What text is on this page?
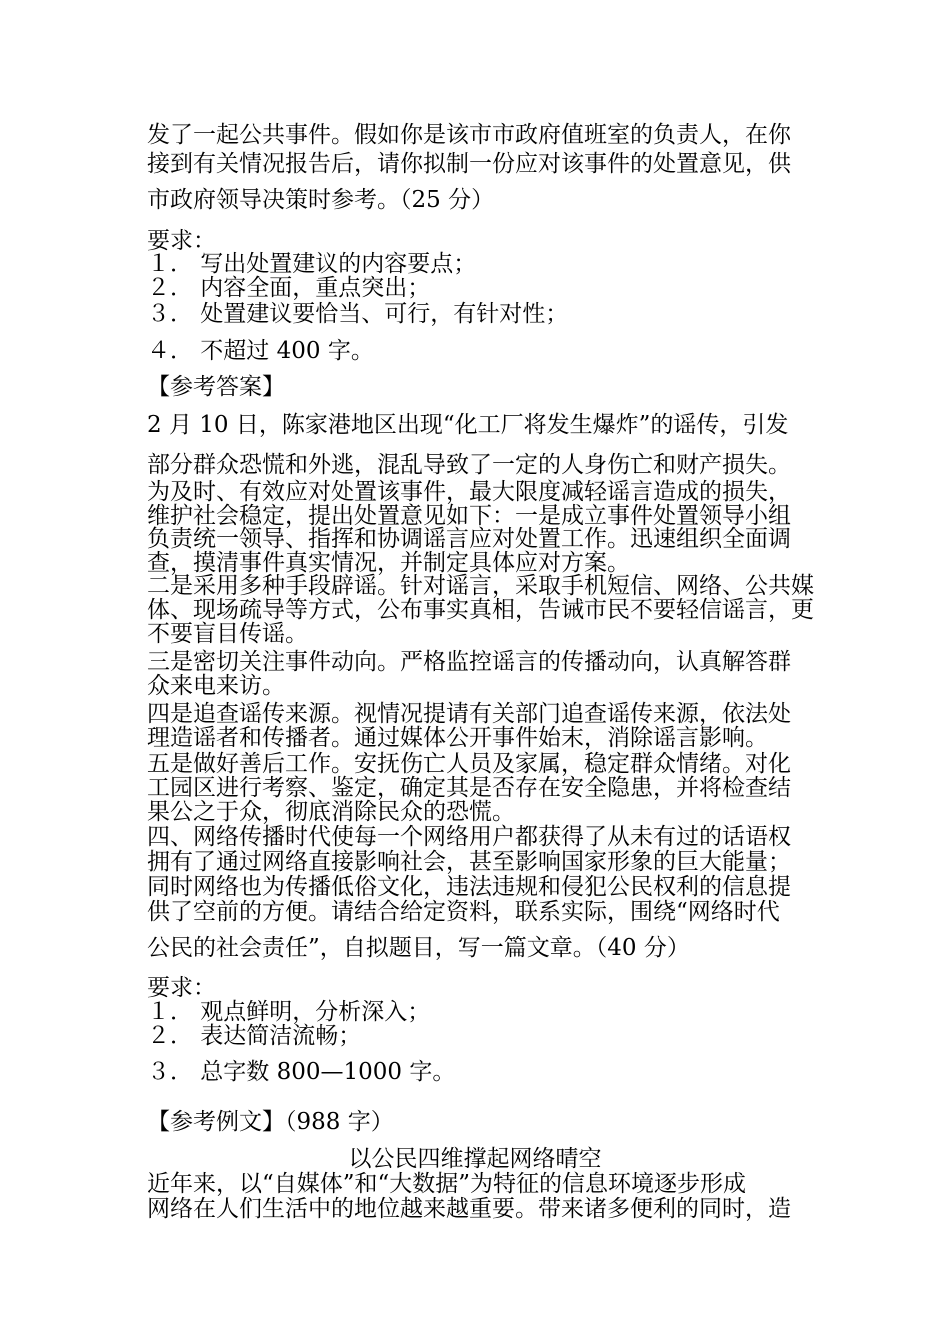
发了一起公共事件。假如你是该市市政府值班室的负责人，在你
接到有关情况报告后，请你拟制一份应对该事件的处置意见，供
市政府领导决策时参考。（25 分）
要求：
１． 写出处置建议的内容要点；
２． 内容全面，重点突出；
３． 处置建议要恰当、可行，有针对性；
４． 不超过 400 字。
【参考答案】
2 月 10 日，陈家港地区出现“化工厂将发生爆炸”的谣传，引发
部分群众恐慌和外逃，混乱导致了一定的人身伤亡和财产损失。
为及时、有效应对处置该事件，最大限度减轻谣言造成的损失，
维护社会稳定，提出处置意见如下：一是成立事件处置领导小组
负责统一领导、指挥和协调谣言应对处置工作。迅速组织全面调
查，摸清事件真实情况，并制定具体应对方案。
二是采用多种手段辟谣。针对谣言，采取手机短信、网络、公共媒
体、现场疏导等方式，公布事实真相，告诫市民不要轻信谣言，更
不要盲目传谣。
三是密切关注事件动向。严格监控谣言的传播动向，认真解答群
众来电来访。
四是追查谣传来源。视情况提请有关部门追查谣传来源，依法处
理造谣者和传播者。通过媒体公开事件始末，消除谣言影响。
五是做好善后工作。安抚伤亡人员及家属，稳定群众情绪。对化
工园区进行考察、鉴定，确定其是否存在安全隐患，并将检查结
果公之于众，彻底消除民众的恐慌。
四、网络传播时代使每一个网络用户都获得了从未有过的话语权
拥有了通过网络直接影响社会，甚至影响国家形象的巨大能量；
同时网络也为传播低俗文化，违法违规和侵犯公民权利的信息提
供了空前的方便。请结合给定资料，联系实际，围绕“网络时代
公民的社会责任”，自拟题目，写一篇文章。（40 分）
要求：
１． 观点鲜明，分析深入；
２． 表达简洁流畅；
３． 总字数 800—1000 字。
【参考例文】（988 字）
以公民四维撑起网络晴空
近年来，以“自媒体”和“大数据”为特征的信息环境逐步形成
网络在人们生活中的地位越来越重要。带来诸多便利的同时，造
